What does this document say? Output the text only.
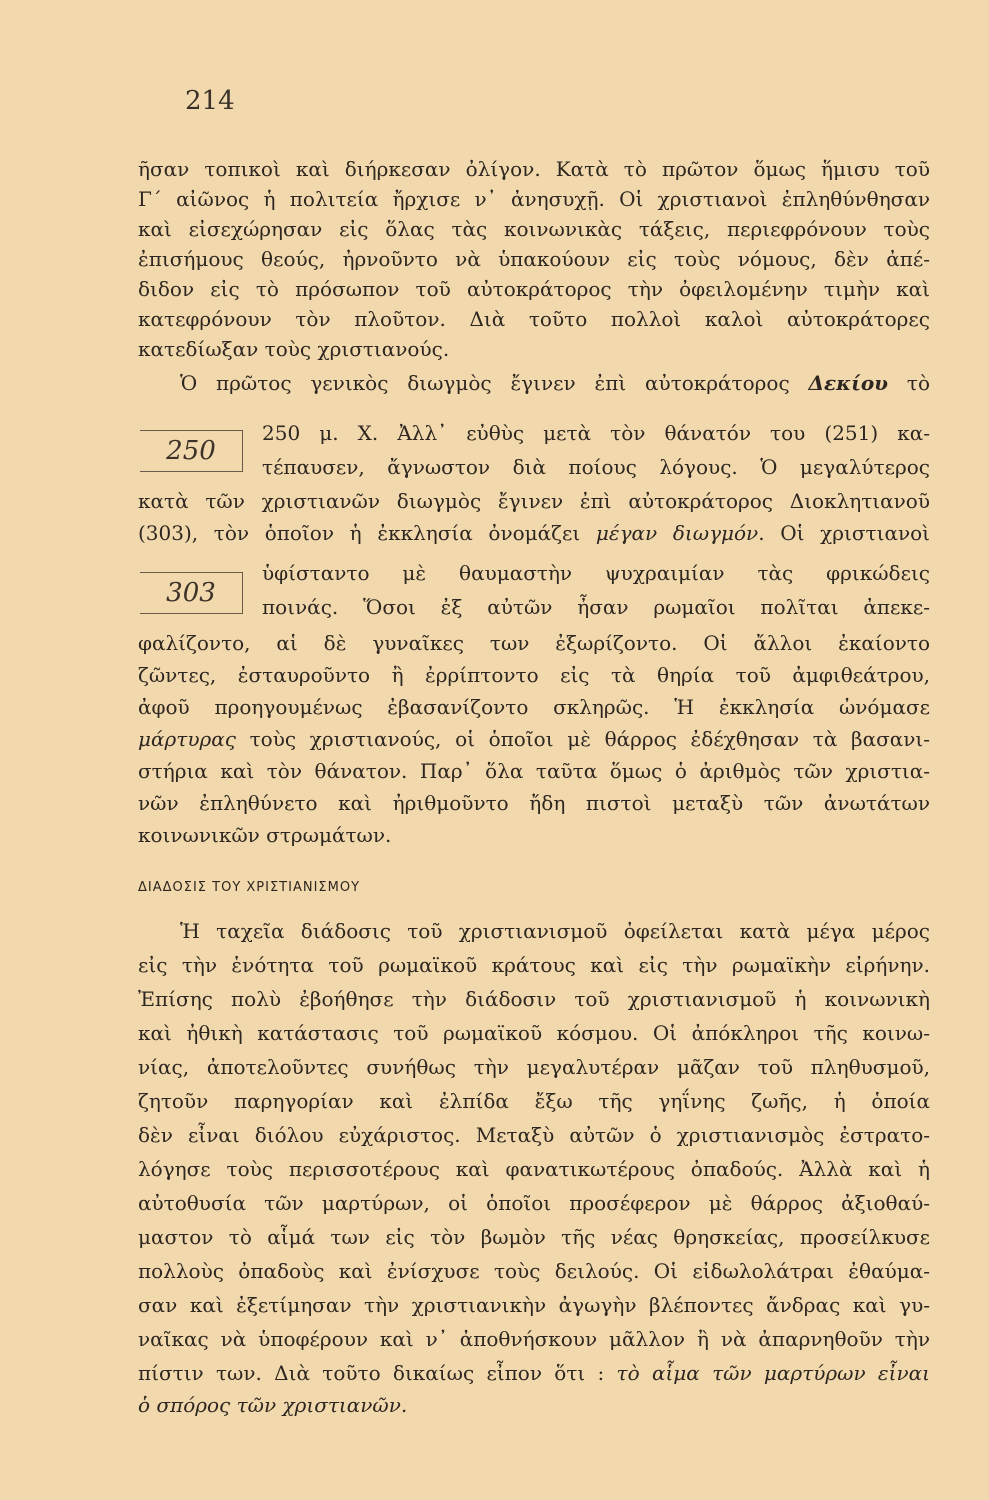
214
ῆσαν τοπικοὶ καὶ διήρκεσαν ὀλίγον. Κατὰ τὸ πρῶτον ὅμως ἥμισυ τοῦ
Γ΄ αἰῶνος ἡ πολιτεία ἤρχισε ν᾽ ἀνησυχῇ. Οἱ χριστιανοὶ ἐπληθύνθησαν
καὶ εἰσεχώρησαν εἰς ὅλας τὰς κοινωνικὰς τάξεις, περιεφρόνουν τοὺς
ἐπισήμους θεούς, ἠρνοῦντο νὰ ὑπακούουν εἰς τοὺς νόμους, δὲν ἀπέ-
διδον εἰς τὸ πρόσωπον τοῦ αὐτοκράτορος τὴν ὀφειλομένην τιμὴν καὶ
κατεφρόνουν τὸν πλοῦτον. Διὰ τοῦτο πολλοὶ καλοὶ αὐτοκράτορες
κατεδίωξαν τοὺς χριστιανούς.
Ὁ πρῶτος γενικὸς διωγμὸς ἔγινεν ἐπὶ αὐτοκράτορος Δεκίου τὸ
250
250 μ. Χ. Ἀλλ᾽ εὐθὺς μετὰ τὸν θάνατόν του (251) κα-
τέπαυσεν, ἄγνωστον διὰ ποίους λόγους. Ὁ μεγαλύτερος
κατὰ τῶν χριστιανῶν διωγμὸς ἔγινεν ἐπὶ αὐτοκράτορος Διοκλητιανοῦ
(303), τὸν ὁποῖον ἡ ἐκκλησία ὀνομάζει μέγαν διωγμόν. Οἱ χριστιανοὶ
303
ὑφίσταντο μὲ θαυμαστὴν ψυχραιμίαν τὰς φρικώδεις
ποινάς. Ὅσοι ἐξ αὐτῶν ἦσαν ρωμαῖοι πολῖται ἀπεκε-
φαλίζοντο, αἱ δὲ γυναῖκες των ἐξωρίζοντο. Οἱ ἄλλοι ἐκαίοντο
ζῶντες, ἐσταυροῦντο ἢ ἐρρίπτοντο εἰς τὰ θηρία τοῦ ἀμφιθεάτρου,
ἀφοῦ προηγουμένως ἐβασανίζοντο σκληρῶς. Ἡ ἐκκλησία ὠνόμασε
μάρτυρας τοὺς χριστιανούς, οἱ ὁποῖοι μὲ θάρρος ἐδέχθησαν τὰ βασανι-
στήρια καὶ τὸν θάνατον. Παρ᾽ ὅλα ταῦτα ὅμως ὁ ἀριθμὸς τῶν χριστια-
νῶν ἐπληθύνετο καὶ ἠριθμοῦντο ἤδη πιστοὶ μεταξὺ τῶν ἀνωτάτων
κοινωνικῶν στρωμάτων.
ΔΙΑΔΟΣΙΣ ΤΟΥ ΧΡΙΣΤΙΑΝΙΣΜΟΥ
Ἡ ταχεῖα διάδοσις τοῦ χριστιανισμοῦ ὀφείλεται κατὰ μέγα μέρος
εἰς τὴν ἑνότητα τοῦ ρωμαϊκοῦ κράτους καὶ εἰς τὴν ρωμαϊκὴν εἰρήνην.
Ἐπίσης πολὺ ἐβοήθησε τὴν διάδοσιν τοῦ χριστιανισμοῦ ἡ κοινωνικὴ
καὶ ἠθικὴ κατάστασις τοῦ ρωμαϊκοῦ κόσμου. Οἱ ἀπόκληροι τῆς κοινω-
νίας, ἀποτελοῦντες συνήθως τὴν μεγαλυτέραν μᾶζαν τοῦ πληθυσμοῦ,
ζητοῦν παρηγορίαν καὶ ἐλπίδα ἔξω τῆς γηΐνης ζωῆς, ἡ ὁποία
δὲν εἶναι διόλου εὐχάριστος. Μεταξὺ αὐτῶν ὁ χριστιανισμὸς ἐστρατο-
λόγησε τοὺς περισσοτέρους καὶ φανατικωτέρους ὀπαδούς. Ἀλλὰ καὶ ἡ
αὐτοθυσία τῶν μαρτύρων, οἱ ὁποῖοι προσέφερον μὲ θάρρος ἀξιοθαύ-
μαστον τὸ αἷμά των εἰς τὸν βωμὸν τῆς νέας θρησκείας, προσείλκυσε
πολλοὺς ὀπαδοὺς καὶ ἐνίσχυσε τοὺς δειλούς. Οἱ εἰδωλολάτραι ἐθαύμα-
σαν καὶ ἐξετίμησαν τὴν χριστιανικὴν ἀγωγὴν βλέποντες ἄνδρας καὶ γυ-
ναῖκας νὰ ὑποφέρουν καὶ ν᾽ ἀποθνήσκουν μᾶλλον ἢ νὰ ἀπαρνηθοῦν τὴν
πίστιν των. Διὰ τοῦτο δικαίως εἶπον ὅτι : τὸ αἷμα τῶν μαρτύρων εἶναι
ὁ σπόρος τῶν χριστιανῶν.
